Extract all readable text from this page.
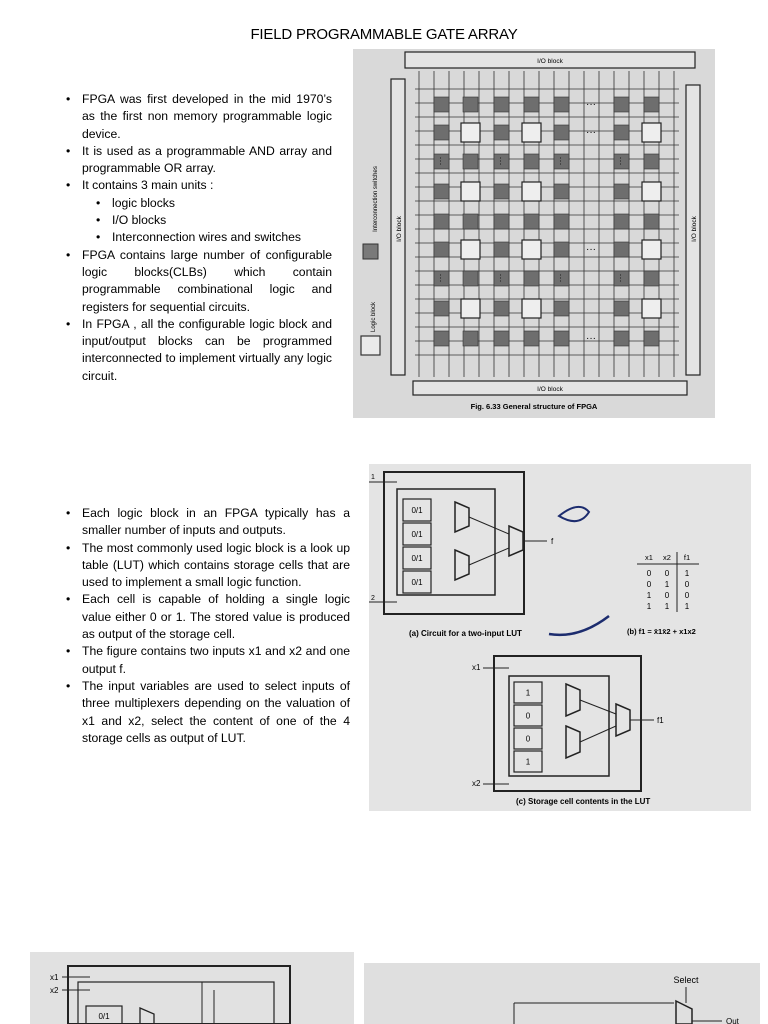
FIELD PROGRAMMABLE GATE ARRAY
• FPGA was first developed in the mid 1970’s as the first non memory programmable logic device.
• It is used as a programmable AND array and programmable OR array.
• It contains 3 main units :
• logic blocks
• I/O blocks
• Interconnection wires and switches
• FPGA contains large number of configurable logic blocks(CLBs) which contain programmable combinational logic and registers for sequential circuits.
• In FPGA , all the configurable logic block and input/output blocks can be programmed interconnected to implement virtually any logic circuit.
• Each logic block in an FPGA typically has a smaller number of inputs and outputs.
• The most commonly used logic block is a look up table (LUT) which contains storage cells that are used to implement a small logic function.
• Each cell is capable of holding a single logic value either 0 or 1. The stored value is produced as output of the storage cell.
• The figure contains two inputs x1 and x2 and one output f.
• The input variables are used to select inputs of three multiplexers depending on the valuation of x1 and x2, select the content of one of the 4 storage cells as output of LUT.
I/O block
I/O block
I/O block	I/O block
Interconnection switches
Logic block
···
···
···
···
···	···	···	···
···	···	···	···
Fig. 6.33 General structure of FPGA
1
2
0/1
0/1
0/1
0/1
f
(a) Circuit for a two-input LUT
x1 x2 f1
0 0 1
0 1 0
1 0 0
1 1 1
(b) f1 = x̄1x̄2 + x1x2
x1
x2
1
0
0
1
f1
(c) Storage cell contents in the LUT
x1
x2
0/1
Select
Out
